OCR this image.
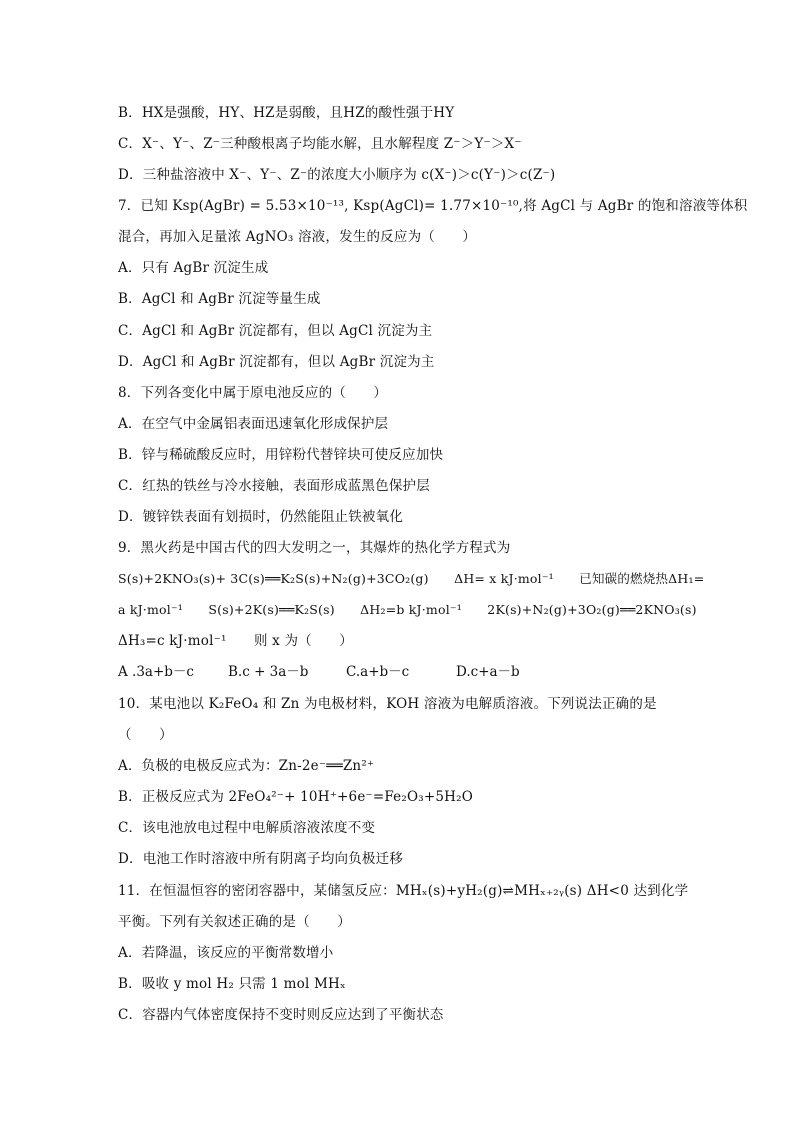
B．HX是强酸，HY、HZ是弱酸，且HZ的酸性强于HY
C．X⁻、Y⁻、Z⁻三种酸根离子均能水解，且水解程度 Z⁻＞Y⁻＞X⁻
D．三种盐溶液中 X⁻、Y⁻、Z⁻的浓度大小顺序为 c(X⁻)＞c(Y⁻)＞c(Z⁻)
7．已知 Ksp(AgBr) = 5.53×10⁻¹³, Ksp(AgCl)= 1.77×10⁻¹⁰,将 AgCl 与 AgBr 的饱和溶液等体积
混合，再加入足量浓 AgNO₃ 溶液，发生的反应为（　　）
A．只有 AgBr 沉淀生成
B．AgCl 和 AgBr 沉淀等量生成
C．AgCl 和 AgBr 沉淀都有，但以 AgCl 沉淀为主
D．AgCl 和 AgBr 沉淀都有，但以 AgBr 沉淀为主
8．下列各变化中属于原电池反应的（　　）
A．在空气中金属铝表面迅速氧化形成保护层
B．锌与稀硫酸反应时，用锌粉代替锌块可使反应加快
C．红热的铁丝与冷水接触，表面形成蓝黑色保护层
D．镀锌铁表面有划损时，仍然能阻止铁被氧化
9．黑火药是中国古代的四大发明之一，其爆炸的热化学方程式为
S(s)+2KNO₃(s)+ 3C(s)══K₂S(s)+N₂(g)+3CO₂(g)　　ΔH= x kJ·mol⁻¹　　已知碳的燃烧热ΔH₁=
a kJ·mol⁻¹　　S(s)+2K(s)══K₂S(s)　　ΔH₂=b kJ·mol⁻¹　　2K(s)+N₂(g)+3O₂(g)══2KNO₃(s)
ΔH₃=c kJ·mol⁻¹　　则 x 为（　　）
A .3a+b－c	B.c + 3a－b	C.a+b－c	D.c+a－b
10．某电池以 K₂FeO₄ 和 Zn 为电极材料，KOH 溶液为电解质溶液。下列说法正确的是
（　　）
A．负极的电极反应式为：Zn-2e⁻══Zn²⁺
B．正极反应式为 2FeO₄²⁻+ 10H⁺+6e⁻=Fe₂O₃+5H₂O
C．该电池放电过程中电解质溶液浓度不变
D．电池工作时溶液中所有阴离子均向负极迁移
11．在恒温恒容的密闭容器中，某储氢反应：MHₓ(s)+yH₂(g)⇌MHₓ₊₂ᵧ(s) ΔH<0 达到化学
平衡。下列有关叙述正确的是（　　）
A．若降温，该反应的平衡常数增小
B．吸收 y mol H₂ 只需 1 mol MHₓ
C．容器内气体密度保持不变时则反应达到了平衡状态
